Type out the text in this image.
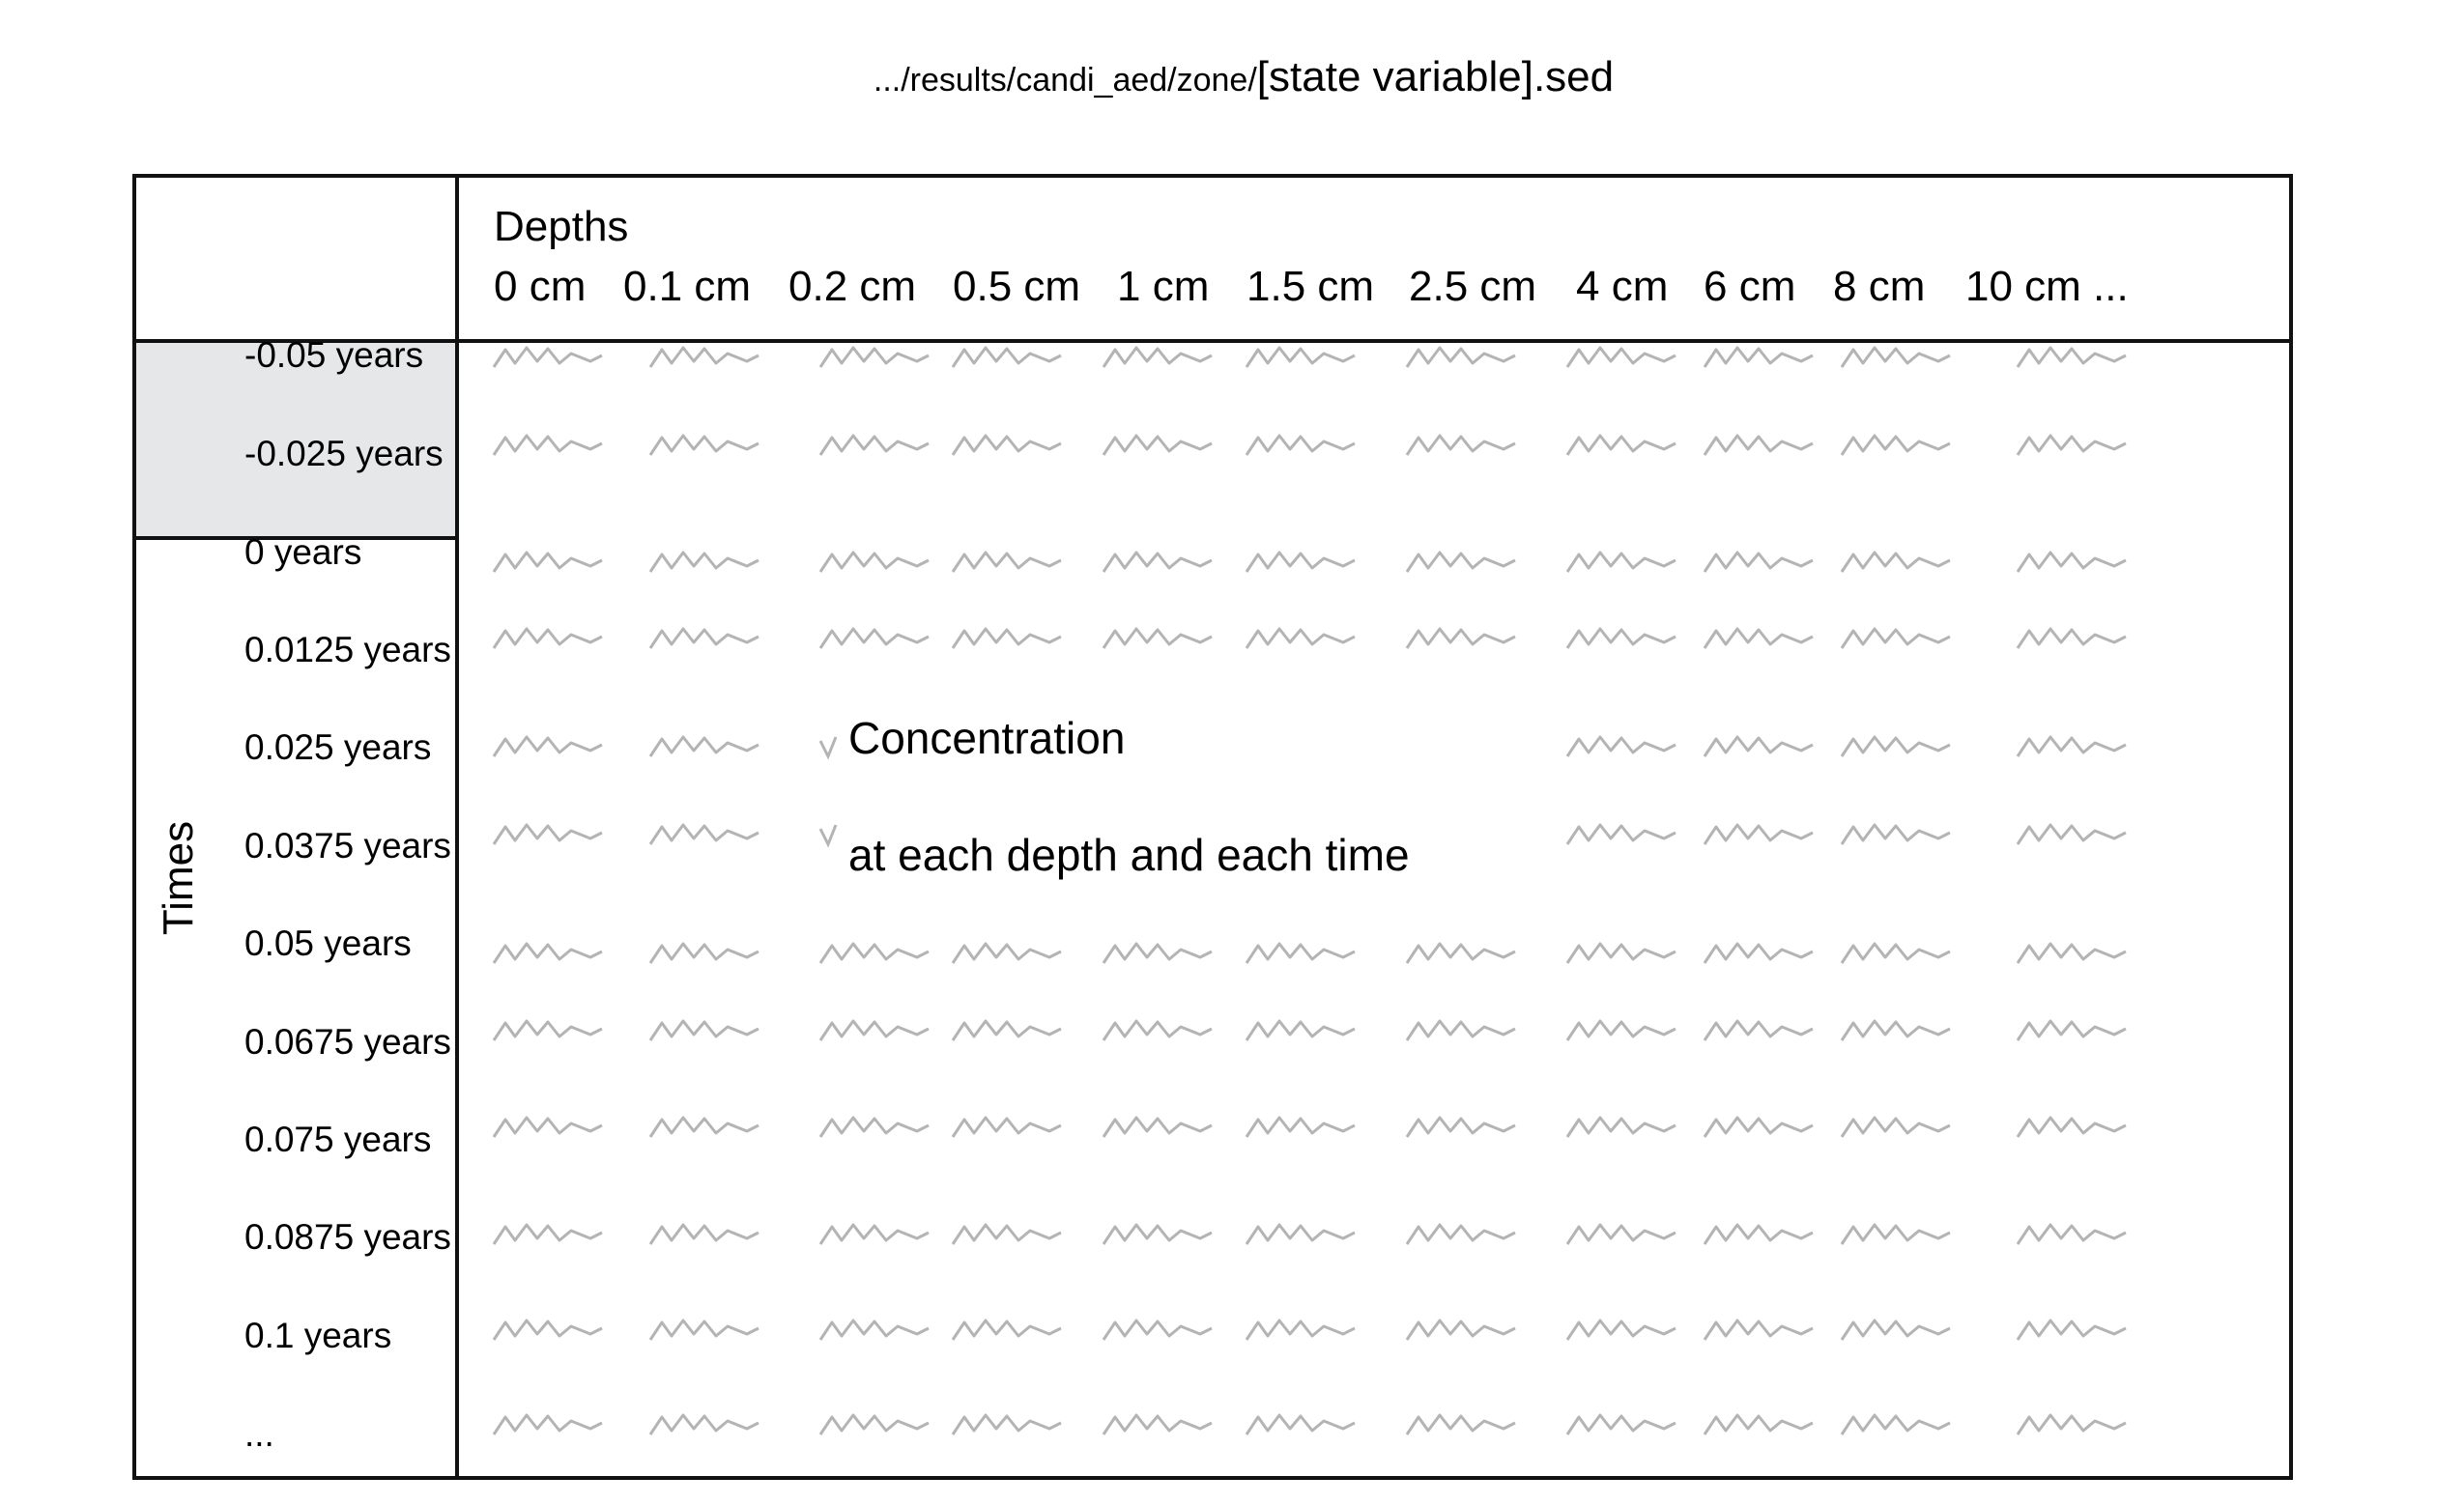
.../results/candi_aed/zone/[state variable].sed
Depths
0 cm 0.1 cm 0.2 cm 0.5 cm 1 cm 1.5 cm 2.5 cm 4 cm 6 cm 8 cm 10 cm ...
Times
-0.05 years
-0.025 years
0 years
0.0125 years
0.025 years
0.0375 years
0.05 years
0.0675 years
0.075 years
0.0875 years
0.1 years
...
Concentration
at each depth and each time
